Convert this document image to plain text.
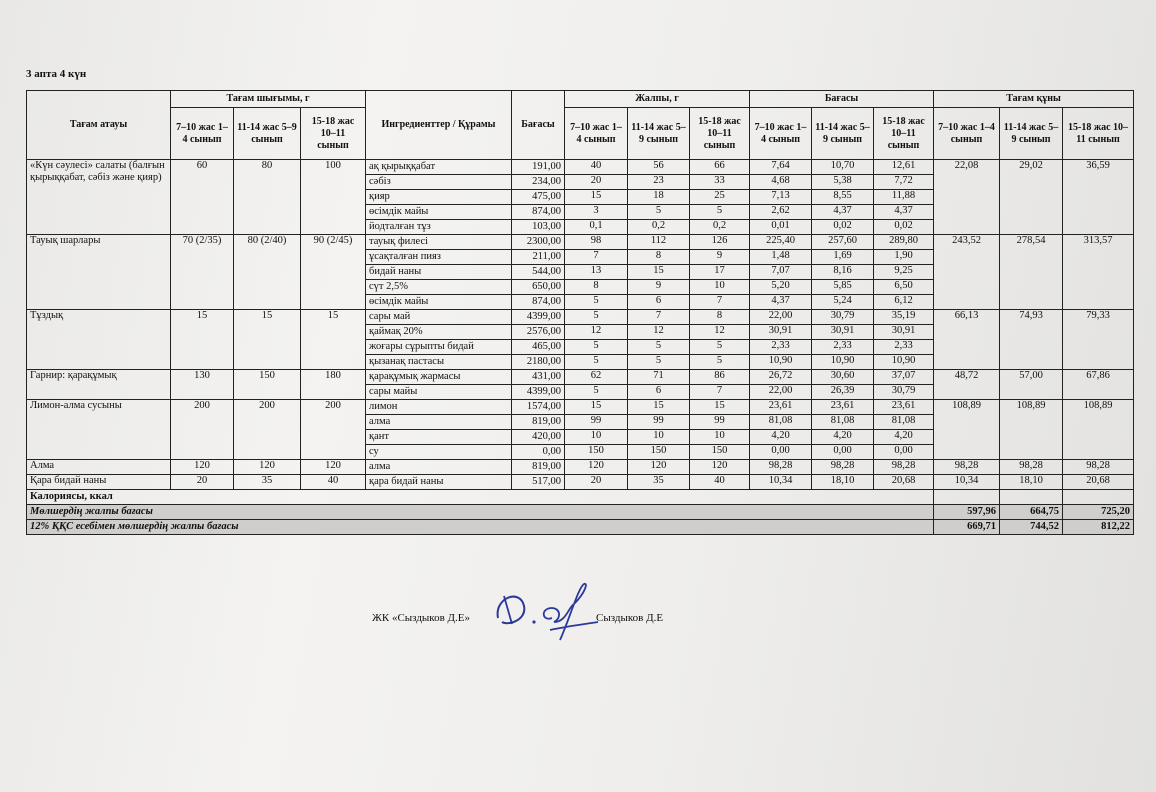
3 апта 4 күн
Тағам атауы	Тағам шығымы, г			Ингредиенттер / Құрамы	Бағасы	Жалпы, г			Бағасы			Тағам құны		
	7–10 жас 1–4 сынып	11-14 жас 5–9 сынып	15-18 жас 10–11 сынып			7–10 жас 1–4 сынып	11-14 жас 5–9 сынып	15-18 жас 10–11 сынып	7–10 жас 1–4 сынып	11-14 жас 5–9 сынып	15-18 жас 10–11 сынып	7–10 жас 1–4 сынып	11-14 жас 5–9 сынып	15-18 жас 10–11 сынып
«Күн сәулесі» салаты (балғын қырыққабат, сәбіз және қияр)	60	80	100	ақ қырыққабат	191,00	40	56	66	7,64	10,70	12,61	22,08	29,02	36,59
				сәбіз	234,00	20	23	33	4,68	5,38	7,72			
				қияр	475,00	15	18	25	7,13	8,55	11,88			
				өсімдік майы	874,00	3	5	5	2,62	4,37	4,37			
				йодталған тұз	103,00	0,1	0,2	0,2	0,01	0,02	0,02			
Тауық шарлары	70 (2/35)	80 (2/40)	90 (2/45)	тауық филесі	2300,00	98	112	126	225,40	257,60	289,80	243,52	278,54	313,57
				ұсақталған пияз	211,00	7	8	9	1,48	1,69	1,90			
				бидай наны	544,00	13	15	17	7,07	8,16	9,25			
				сүт 2,5%	650,00	8	9	10	5,20	5,85	6,50			
				өсімдік майы	874,00	5	6	7	4,37	5,24	6,12			
Тұздық	15	15	15	сары май	4399,00	5	7	8	22,00	30,79	35,19	66,13	74,93	79,33
				қаймақ 20%	2576,00	12	12	12	30,91	30,91	30,91			
				жоғары сұрыпты бидай	465,00	5	5	5	2,33	2,33	2,33			
				қызанақ пастасы	2180,00	5	5	5	10,90	10,90	10,90			
Гарнир: қарақұмық	130	150	180	қарақұмық жармасы	431,00	62	71	86	26,72	30,60	37,07	48,72	57,00	67,86
				сары майы	4399,00	5	6	7	22,00	26,39	30,79			
Лимон-алма сусыны	200	200	200	лимон	1574,00	15	15	15	23,61	23,61	23,61	108,89	108,89	108,89
				алма	819,00	99	99	99	81,08	81,08	81,08			
				қант	420,00	10	10	10	4,20	4,20	4,20			
				су	0,00	150	150	150	0,00	0,00	0,00			
Алма	120	120	120	алма	819,00	120	120	120	98,28	98,28	98,28	98,28	98,28	98,28
Қара бидай наны	20	35	40	қара бидай наны	517,00	20	35	40	10,34	18,10	20,68	10,34	18,10	20,68
Калориясы, ккал														
Мөлшердің жалпы бағасы												597,96	664,75	725,20
12% ҚҚС есебімен мөлшердің жалпы бағасы												669,71	744,52	812,22
ЖК «Сыздыков Д.Е»	Сыздыков Д.Е
